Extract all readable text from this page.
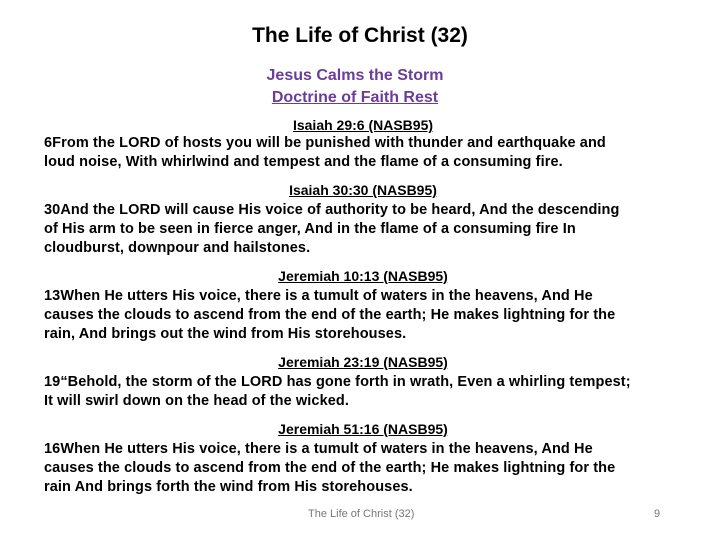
The Life of Christ (32)
Jesus Calms the Storm
Doctrine of Faith Rest
Isaiah 29:6 (NASB95)
6From the LORD of hosts you will be punished with thunder and earthquake and
loud noise, With whirlwind and tempest and the flame of a consuming fire.
Isaiah 30:30 (NASB95)
30And the LORD will cause His voice of authority to be heard, And the descending
of His arm to be seen in fierce anger, And in the flame of a consuming fire In
cloudburst, downpour and hailstones.
Jeremiah 10:13 (NASB95)
13When He utters His voice, there is a tumult of waters in the heavens, And He
causes the clouds to ascend from the end of the earth; He makes lightning for the
rain, And brings out the wind from His storehouses.
Jeremiah 23:19 (NASB95)
19“Behold, the storm of the LORD has gone forth in wrath, Even a whirling tempest;
It will swirl down on the head of the wicked.
Jeremiah 51:16 (NASB95)
16When He utters His voice, there is a tumult of waters in the heavens, And He
causes the clouds to ascend from the end of the earth; He makes lightning for the
rain And brings forth the wind from His storehouses.
The Life of Christ (32)	9
